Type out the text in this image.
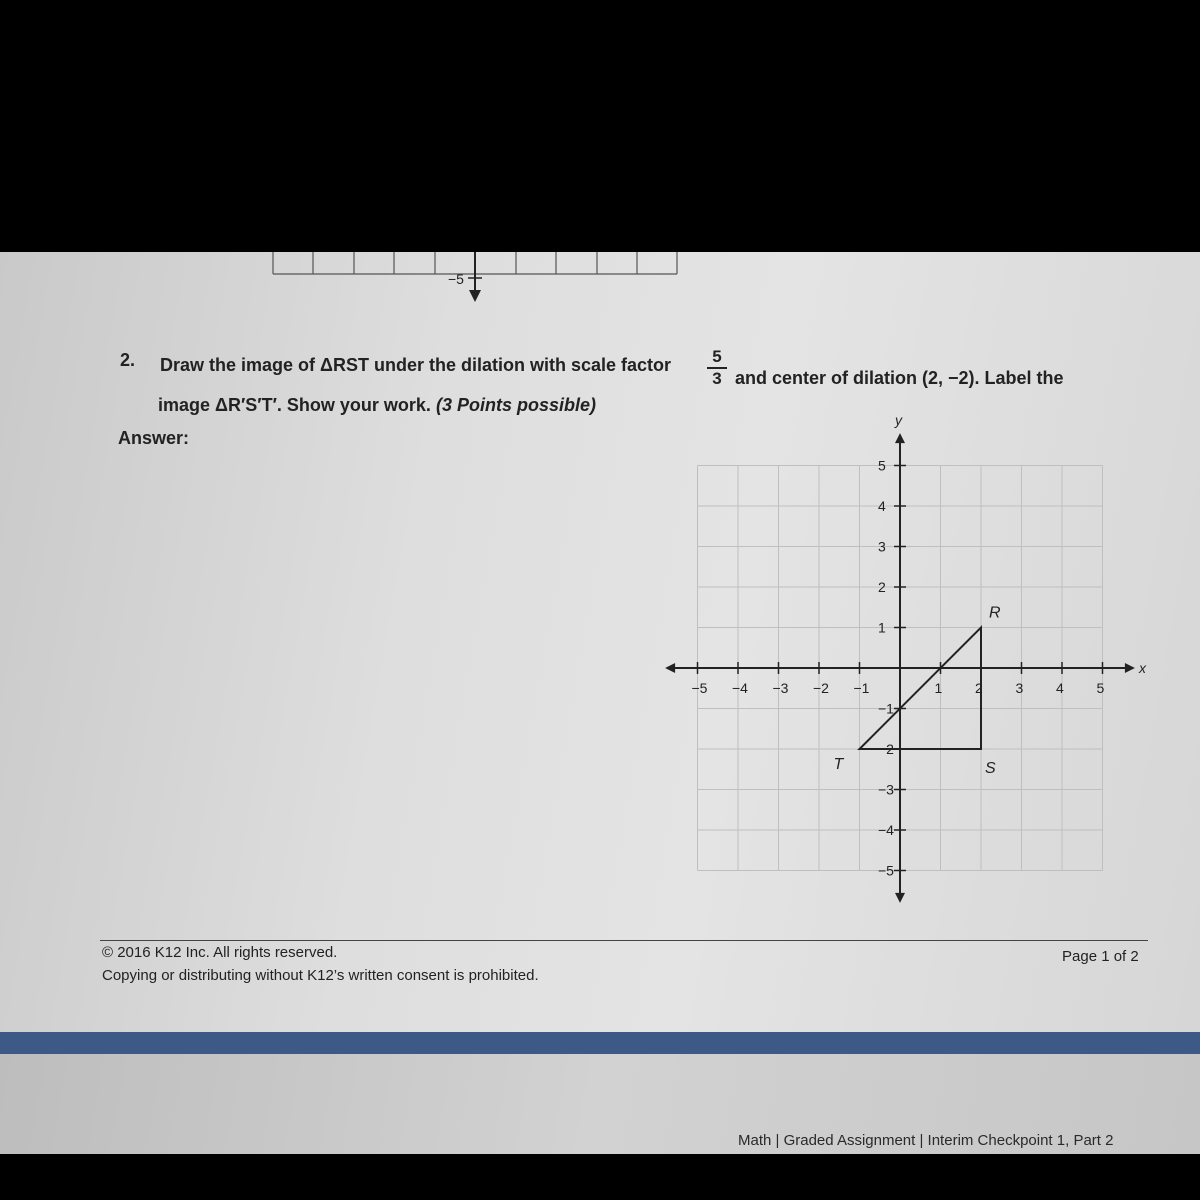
−5
2. Draw the image of ΔRST under the dilation with scale factor	5
3 and center of dilation (2, −2). Label the
image ΔR′S′T′. Show your work. (3 Points possible)
Answer:
x
y
−5 −4 −3 −2 −1	1 2 3 4 5
5
4
3
2
1
−1
−2
−3
−4
−5
R
S
T
© 2016 K12 Inc. All rights reserved.
Copying or distributing without K12’s written consent is prohibited.
Page 1 of 2
Math | Graded Assignment | Interim Checkpoint 1, Part 2
